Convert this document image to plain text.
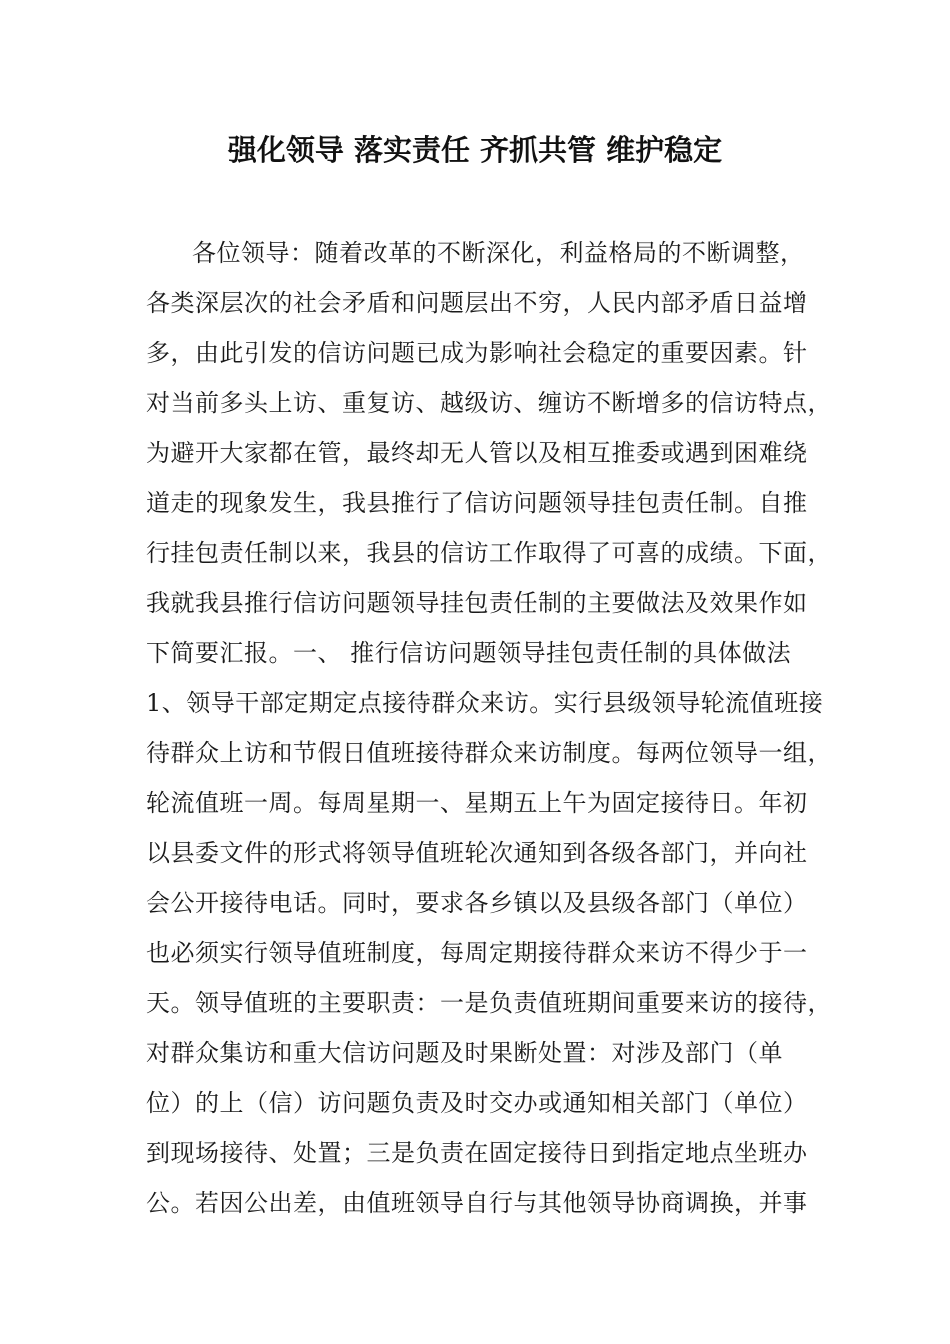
强化领导 落实责任 齐抓共管 维护稳定
各位领导：随着改革的不断深化，利益格局的不断调整，
各类深层次的社会矛盾和问题层出不穷，人民内部矛盾日益增
多，由此引发的信访问题已成为影响社会稳定的重要因素。针
对当前多头上访、重复访、越级访、缠访不断增多的信访特点，
为避开大家都在管，最终却无人管以及相互推委或遇到困难绕
道走的现象发生，我县推行了信访问题领导挂包责任制。自推
行挂包责任制以来，我县的信访工作取得了可喜的成绩。下面，
我就我县推行信访问题领导挂包责任制的主要做法及效果作如
下简要汇报。一、 推行信访问题领导挂包责任制的具体做法
1、领导干部定期定点接待群众来访。实行县级领导轮流值班接
待群众上访和节假日值班接待群众来访制度。每两位领导一组，
轮流值班一周。每周星期一、星期五上午为固定接待日。年初
以县委文件的形式将领导值班轮次通知到各级各部门，并向社
会公开接待电话。同时，要求各乡镇以及县级各部门（单位）
也必须实行领导值班制度，每周定期接待群众来访不得少于一
天。领导值班的主要职责：一是负责值班期间重要来访的接待，
对群众集访和重大信访问题及时果断处置：对涉及部门（单
位）的上（信）访问题负责及时交办或通知相关部门（单位）
到现场接待、处置；三是负责在固定接待日到指定地点坐班办
公。若因公出差，由值班领导自行与其他领导协商调换，并事
